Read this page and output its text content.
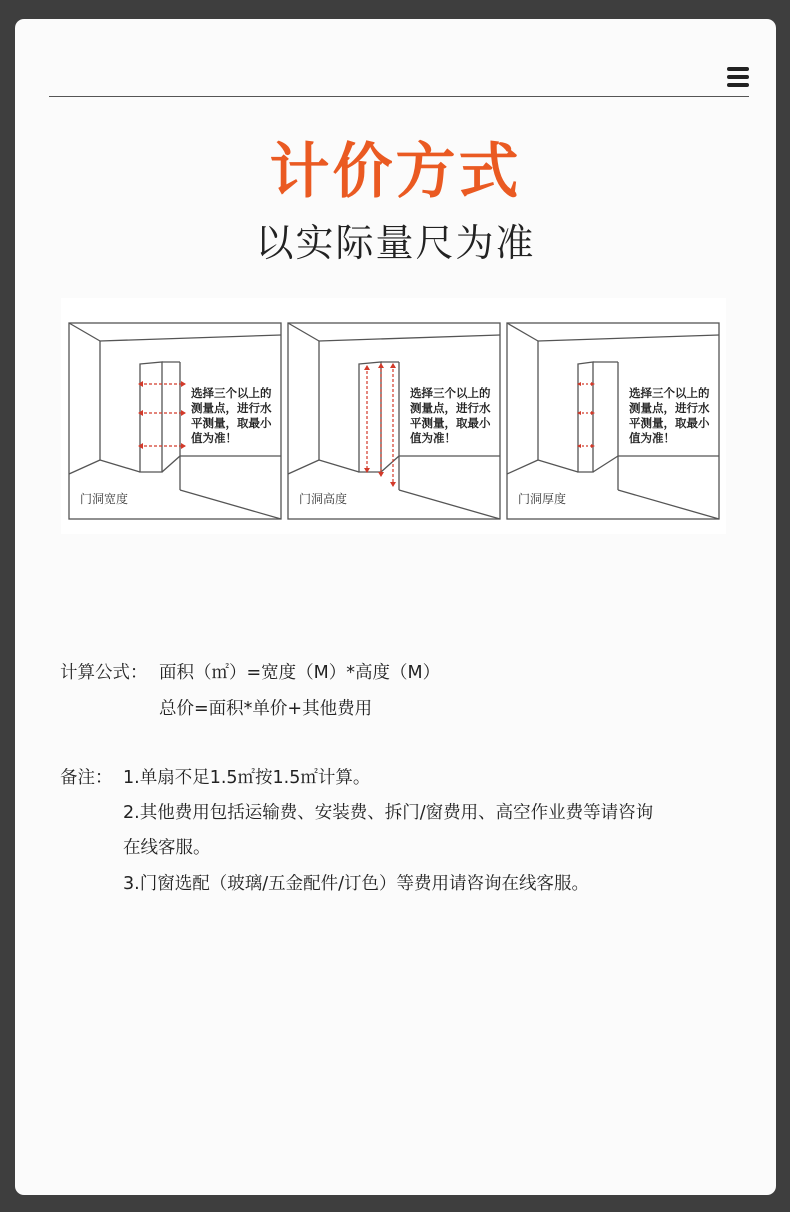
计价方式
以实际量尺为准
选择三个以上的
测量点，进行水
平测量，取最小
值为准！
门洞宽度
选择三个以上的
测量点，进行水
平测量，取最小
值为准！
门洞高度
选择三个以上的
测量点，进行水
平测量，取最小
值为准！
门洞厚度
计算公式： 面积（㎡）=宽度（M）*高度（M）
总价=面积*单价+其他费用
备注： 1.单扇不足1.5㎡按1.5㎡计算。
2.其他费用包括运输费、安装费、拆门/窗费用、高空作业费等请咨询
在线客服。
3.门窗选配（玻璃/五金配件/订色）等费用请咨询在线客服。
